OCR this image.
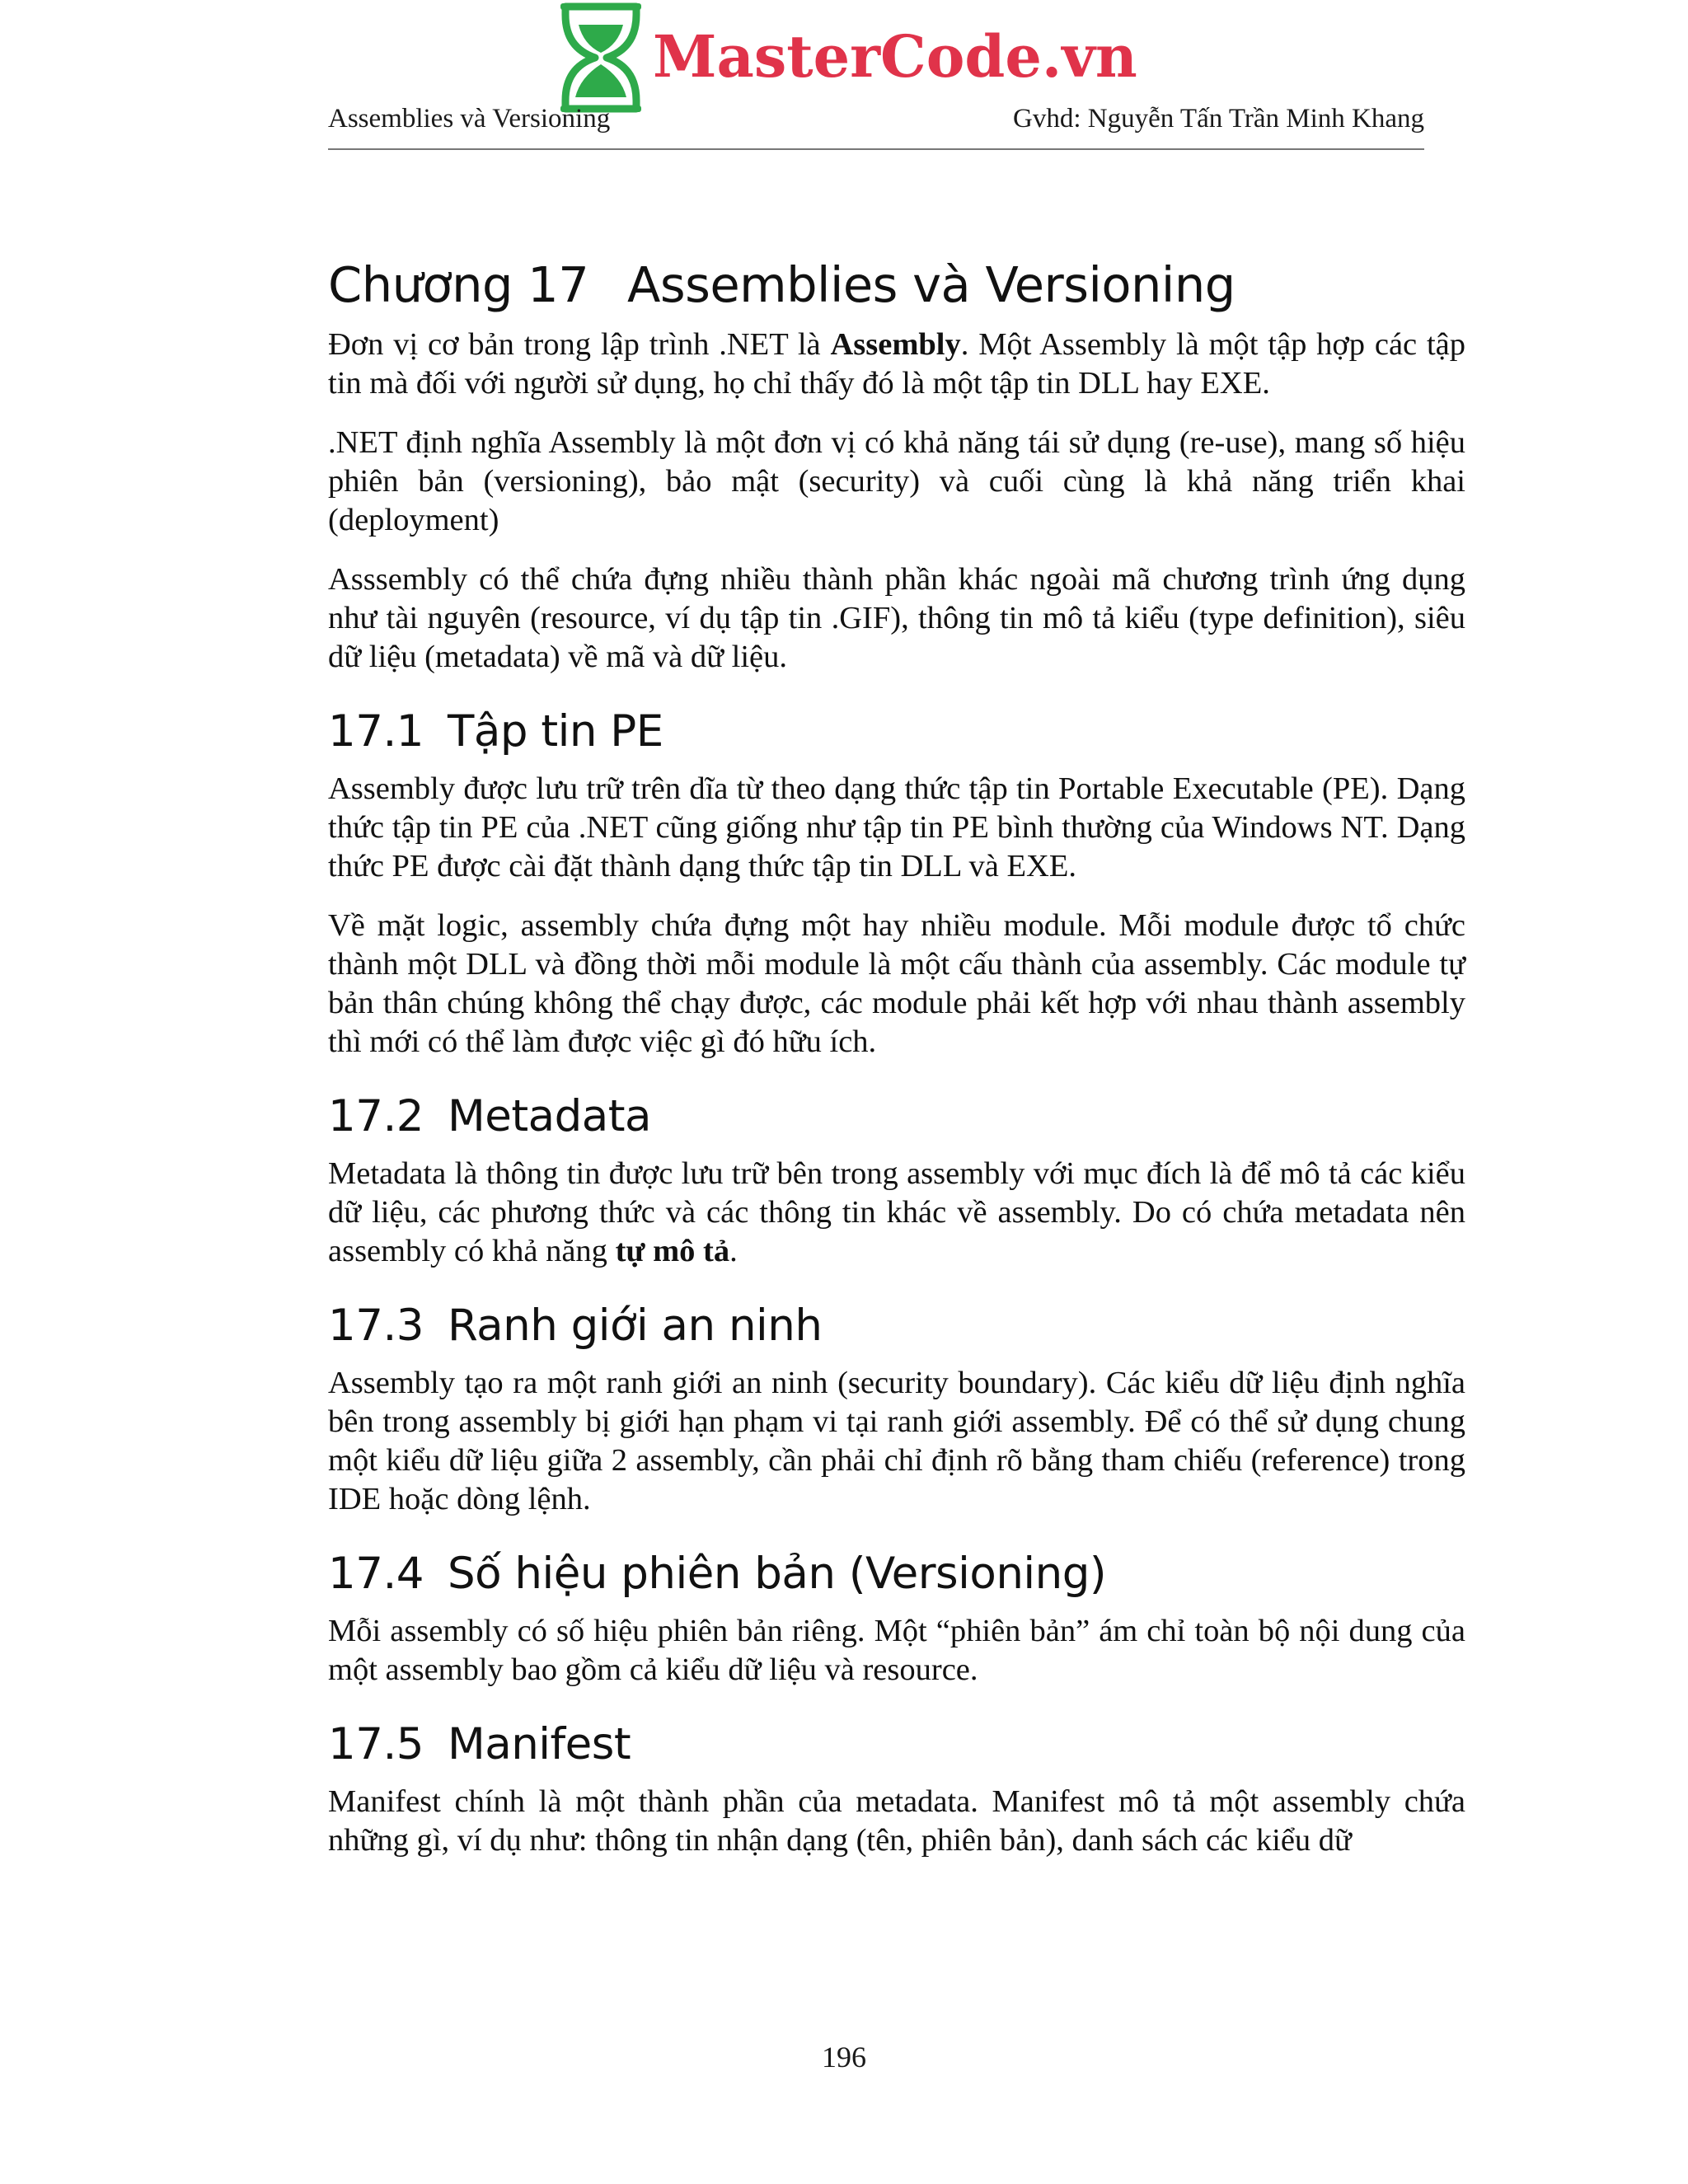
MasterCode.vn
Assemblies và Versioning	Gvhd: Nguyễn Tấn Trần Minh Khang
Chương 17 Assemblies và Versioning

Đơn vị cơ bản trong lập trình .NET là Assembly. Một Assembly là một tập hợp các tập tin mà đối với người sử dụng, họ chỉ thấy đó là một tập tin DLL hay EXE.

.NET định nghĩa Assembly là một đơn vị có khả năng tái sử dụng (re-use), mang số hiệu phiên bản (versioning), bảo mật (security) và cuối cùng là khả năng triển khai (deployment)

Asssembly có thể chứa đựng nhiều thành phần khác ngoài mã chương trình ứng dụng như tài nguyên (resource, ví dụ tập tin .GIF), thông tin mô tả kiểu (type definition), siêu dữ liệu (metadata) về mã và dữ liệu.

17.1 Tập tin PE

Assembly được lưu trữ trên dĩa từ theo dạng thức tập tin Portable Executable (PE). Dạng thức tập tin PE của .NET cũng giống như tập tin PE bình thường của Windows NT. Dạng thức PE được cài đặt thành dạng thức tập tin DLL và EXE.

Về mặt logic, assembly chứa đựng một hay nhiều module. Mỗi module được tổ chức thành một DLL và đồng thời mỗi module là một cấu thành của assembly. Các module tự bản thân chúng không thể chạy được, các module phải kết hợp với nhau thành assembly thì mới có thể làm được việc gì đó hữu ích.

17.2 Metadata

Metadata là thông tin được lưu trữ bên trong assembly với mục đích là để mô tả các kiểu dữ liệu, các phương thức và các thông tin khác về assembly. Do có chứa metadata nên assembly có khả năng tự mô tả.

17.3 Ranh giới an ninh

Assembly tạo ra một ranh giới an ninh (security boundary). Các kiểu dữ liệu định nghĩa bên trong assembly bị giới hạn phạm vi tại ranh giới assembly. Để có thể sử dụng chung một kiểu dữ liệu giữa 2 assembly, cần phải chỉ định rõ bằng tham chiếu (reference) trong IDE hoặc dòng lệnh.

17.4 Số hiệu phiên bản (Versioning)

Mỗi assembly có số hiệu phiên bản riêng. Một “phiên bản” ám chỉ toàn bộ nội dung của một assembly bao gồm cả kiểu dữ liệu và resource.

17.5 Manifest

Manifest chính là một thành phần của metadata. Manifest mô tả một assembly chứa những gì, ví dụ như: thông tin nhận dạng (tên, phiên bản), danh sách các kiểu dữ

196
